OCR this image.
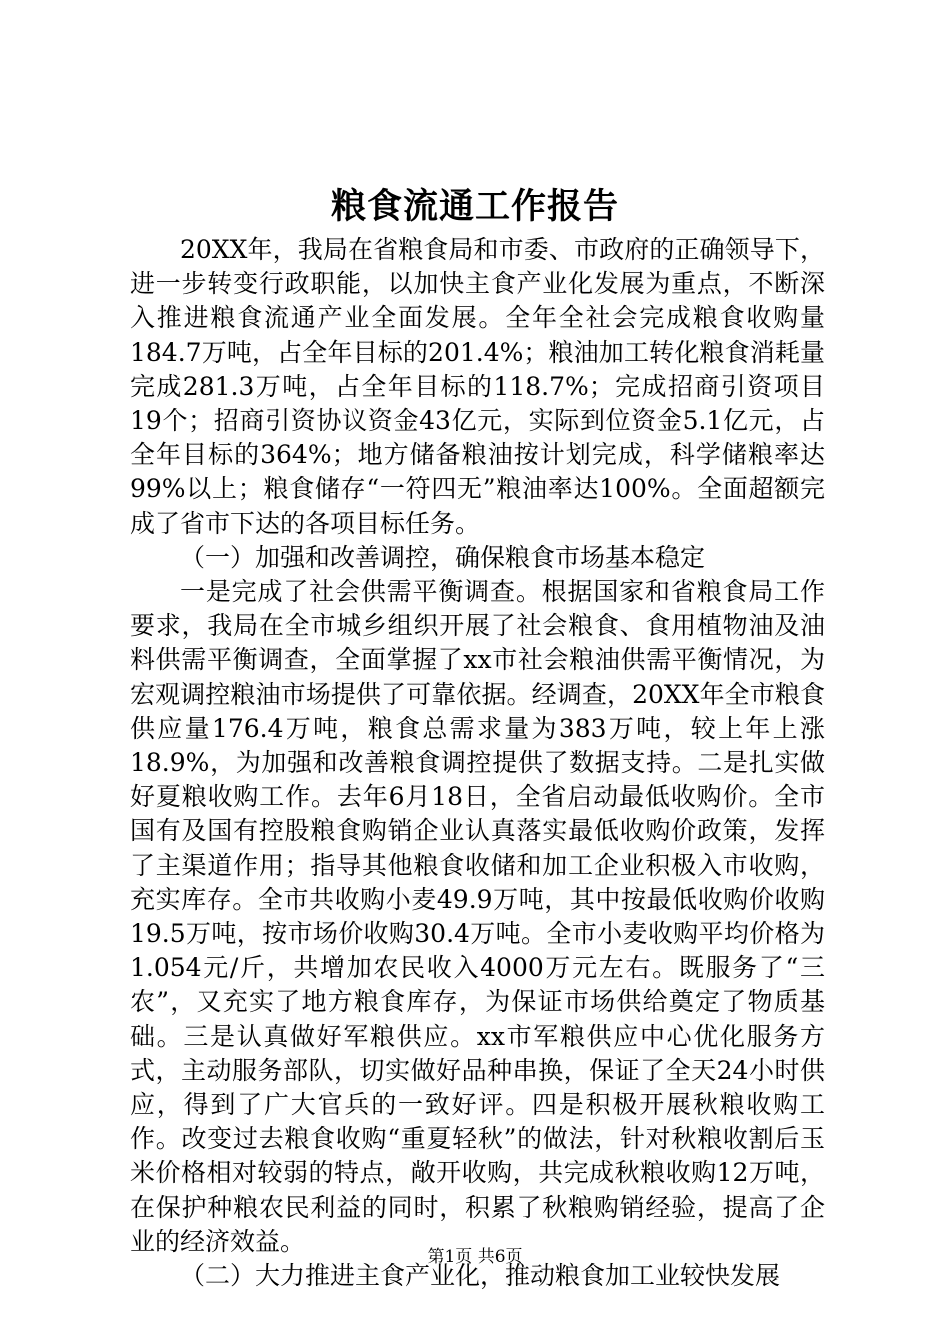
粮食流通工作报告

20XX年，我局在省粮食局和市委、市政府的正确领导下，进一步转变行政职能，以加快主食产业化发展为重点，不断深入推进粮食流通产业全面发展。全年全社会完成粮食收购量184.7万吨，占全年目标的201.4%；粮油加工转化粮食消耗量完成281.3万吨，占全年目标的118.7%；完成招商引资项目19个；招商引资协议资金43亿元，实际到位资金5.1亿元，占全年目标的364%；地方储备粮油按计划完成，科学储粮率达99%以上；粮食储存“一符四无”粮油率达100%。全面超额完成了省市下达的各项目标任务。

（一）加强和改善调控，确保粮食市场基本稳定

一是完成了社会供需平衡调查。根据国家和省粮食局工作要求，我局在全市城乡组织开展了社会粮食、食用植物油及油料供需平衡调查，全面掌握了xx市社会粮油供需平衡情况，为宏观调控粮油市场提供了可靠依据。经调查，20XX年全市粮食供应量176.4万吨，粮食总需求量为383万吨，较上年上涨18.9%，为加强和改善粮食调控提供了数据支持。二是扎实做好夏粮收购工作。去年6月18日，全省启动最低收购价。全市国有及国有控股粮食购销企业认真落实最低收购价政策，发挥了主渠道作用；指导其他粮食收储和加工企业积极入市收购，充实库存。全市共收购小麦49.9万吨，其中按最低收购价收购19.5万吨，按市场价收购30.4万吨。全市小麦收购平均价格为1.054元/斤，共增加农民收入4000万元左右。既服务了“三农”，又充实了地方粮食库存，为保证市场供给奠定了物质基础。三是认真做好军粮供应。xx市军粮供应中心优化服务方式，主动服务部队，切实做好品种串换，保证了全天24小时供应，得到了广大官兵的一致好评。四是积极开展秋粮收购工作。改变过去粮食收购“重夏轻秋”的做法，针对秋粮收割后玉米价格相对较弱的特点，敞开收购，共完成秋粮收购12万吨，在保护种粮农民利益的同时，积累了秋粮购销经验，提高了企业的经济效益。

（二）大力推进主食产业化，推动粮食加工业较快发展

第1页 共6页
